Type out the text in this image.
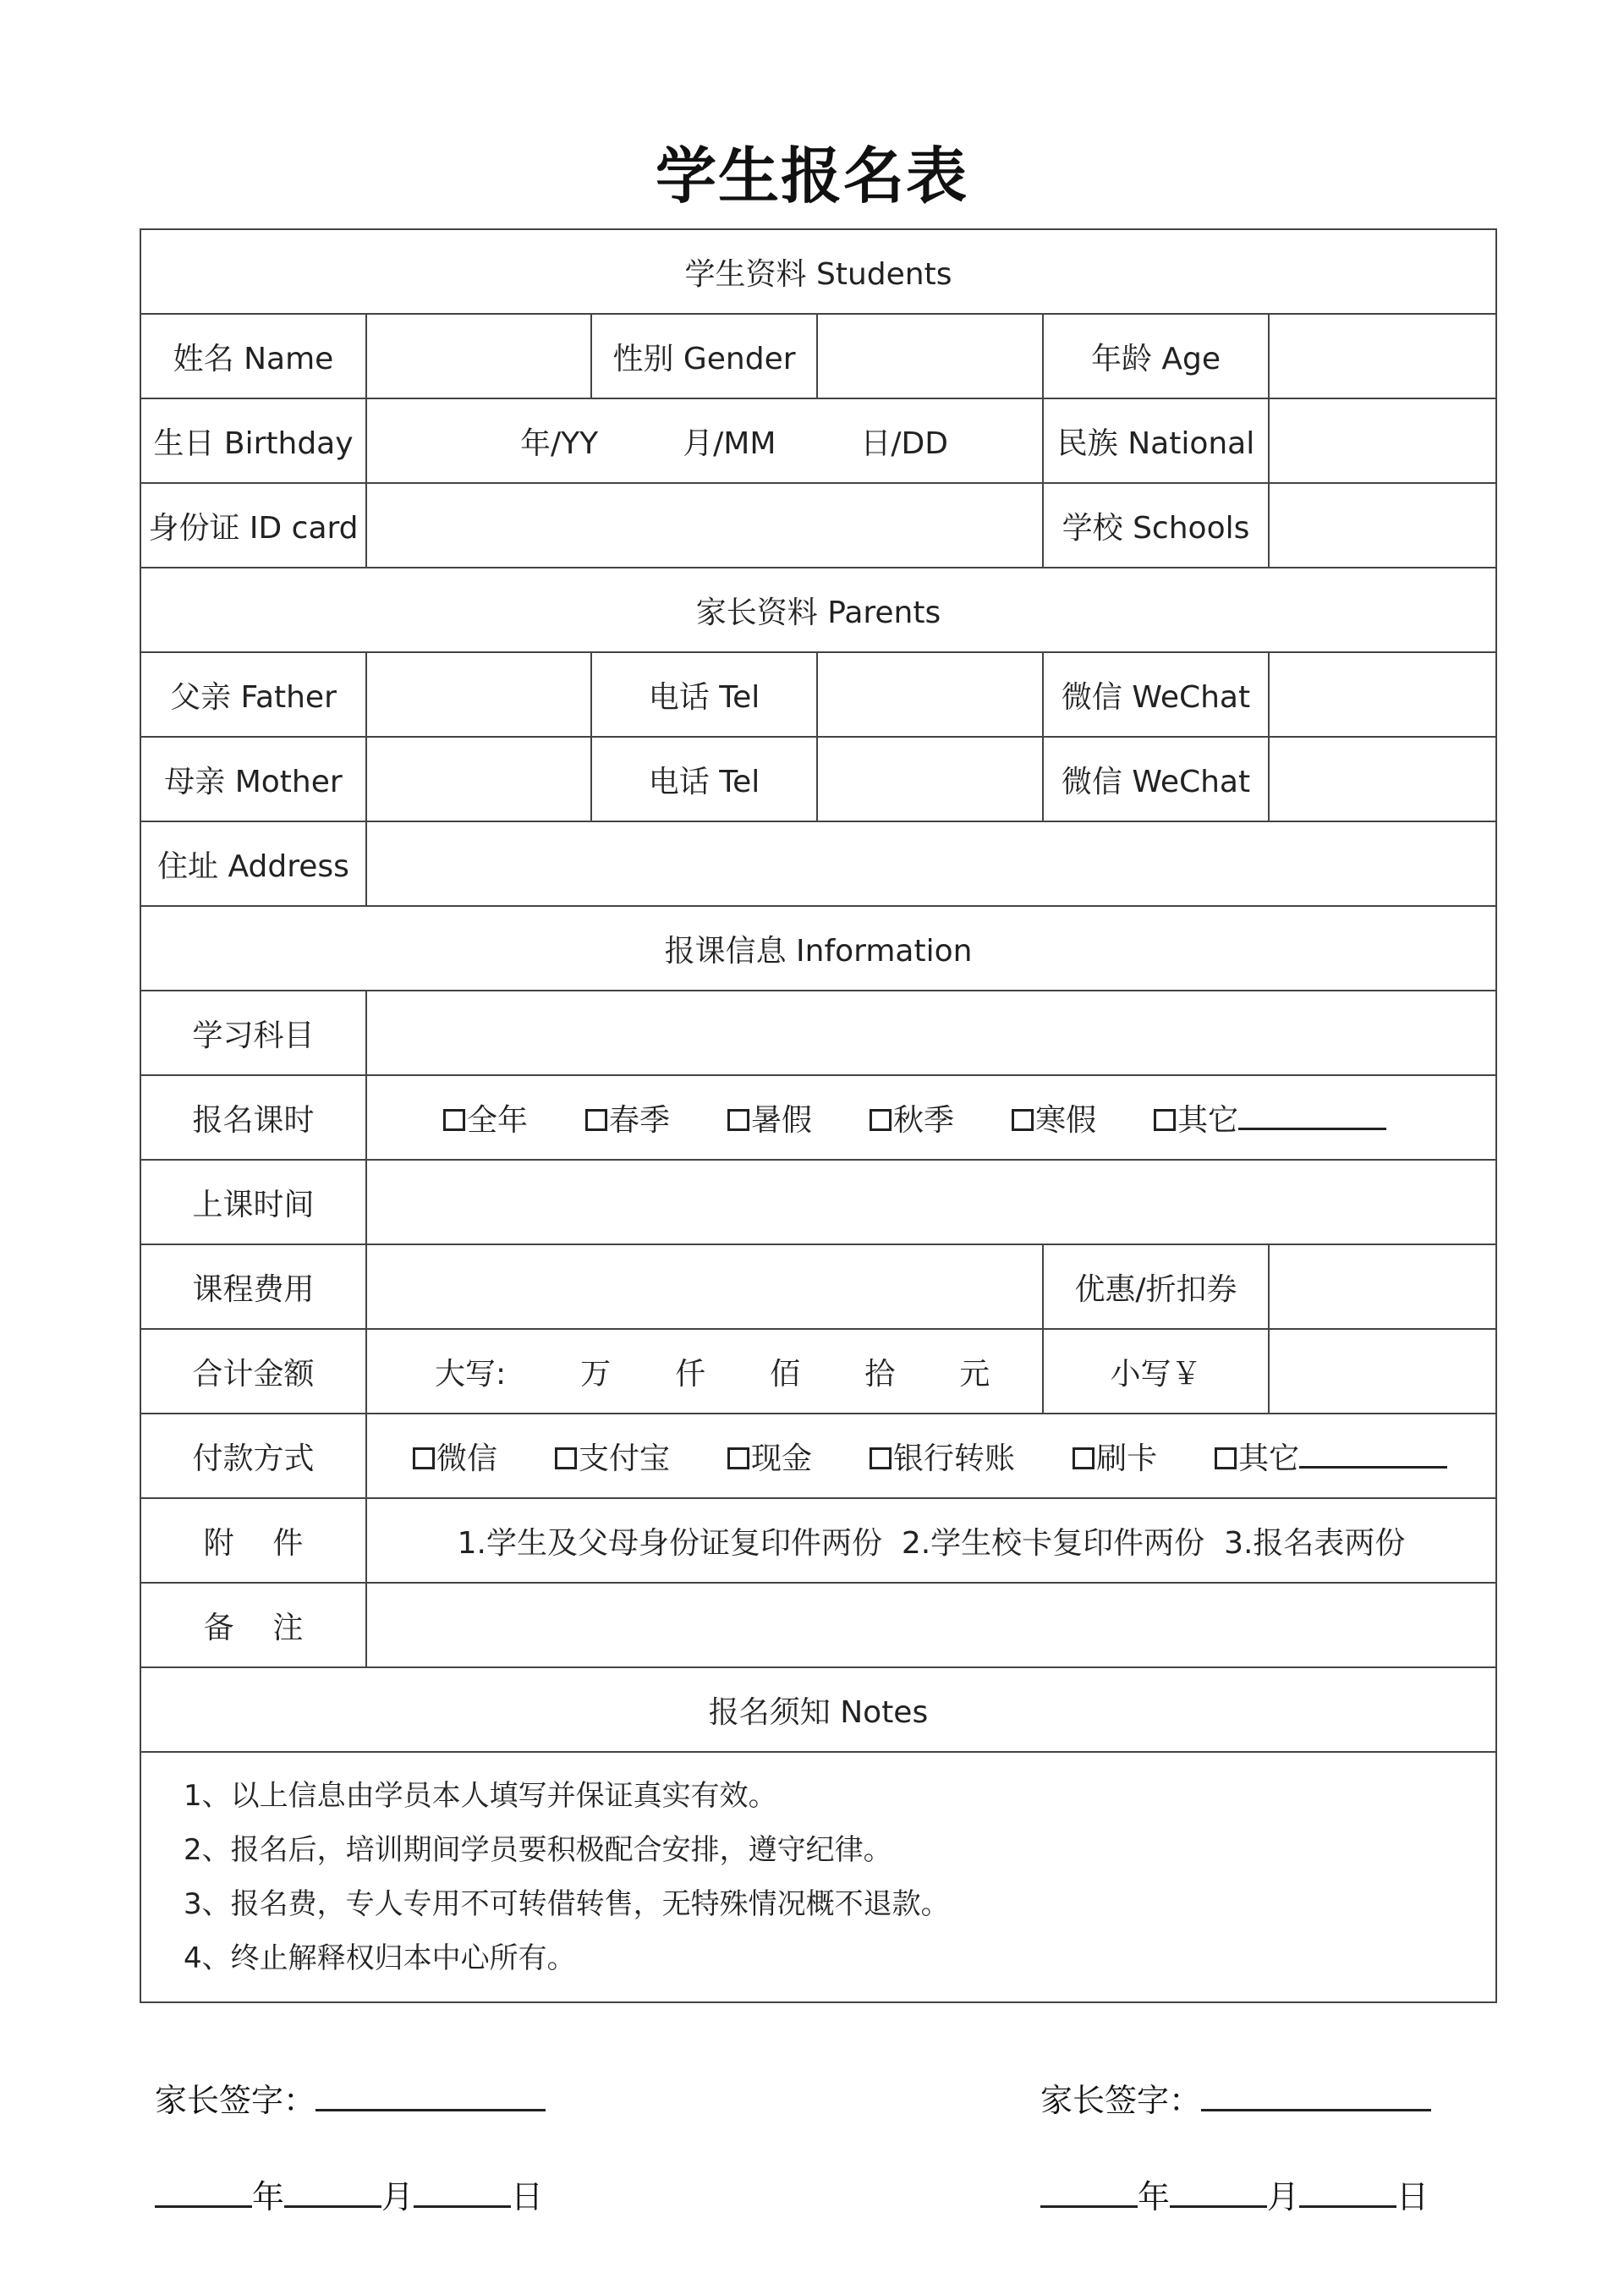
学生报名表
学生资料 Students					
姓名 Name		性别 Gender		年龄 Age	
生日 Birthday	年/YY 月/MM 日/DD			民族 National	
身份证 ID card				学校 Schools	
家长资料 Parents					
父亲 Father		电话 Tel		微信 WeChat	
母亲 Mother		电话 Tel		微信 WeChat	
住址 Address					
报课信息 Information					
学习科目					
报名课时	全年 春季 暑假 秋季 寒假 其它				
上课时间					
课程费用				优惠/折扣券	
合计金额	大写: 万 仟 佰 拾 元			小写￥	
付款方式	微信 支付宝 现金 银行转账 刷卡 其它				
附    件	1.学生及父母身份证复印件两份  2.学生校卡复印件两份  3.报名表两份				
备    注					
报名须知 Notes					

1、以上信息由学员本人填写并保证真实有效。
2、报名后，培训期间学员要积极配合安排，遵守纪律。
3、报名费，专人专用不可转借转售，无特殊情况概不退款。
4、终止解释权归本中心所有。					
家长签字：	家长签字：
年	月	日	年	月	日
